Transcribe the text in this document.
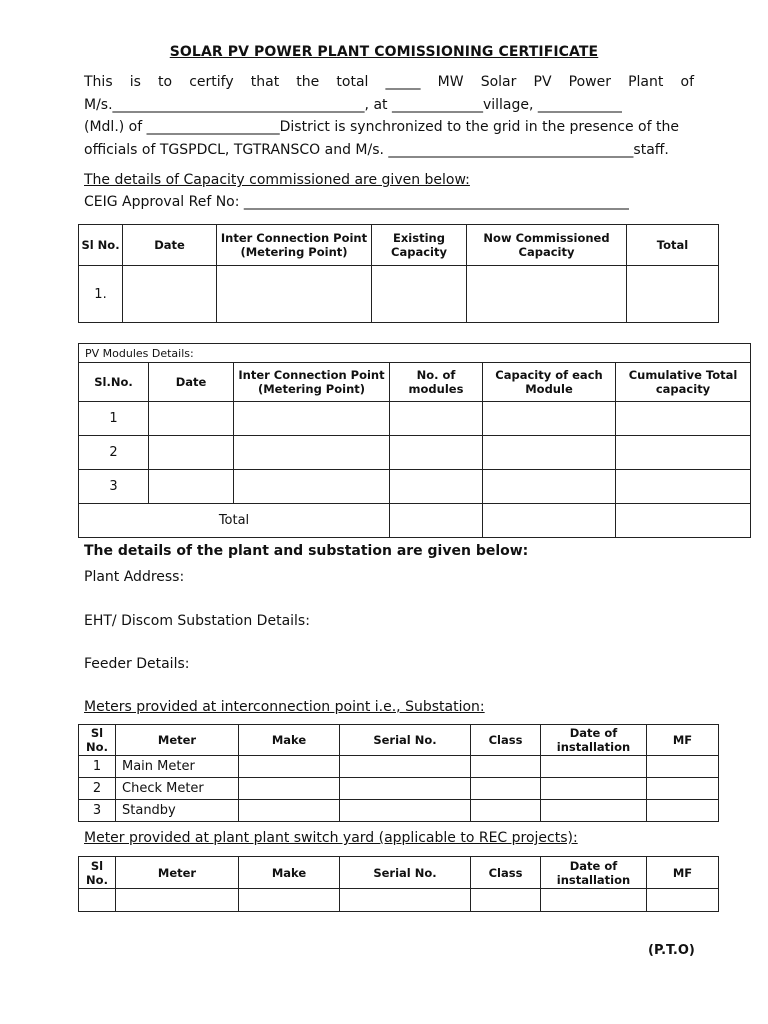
SOLAR PV POWER PLANT COMISSIONING CERTIFICATE
This is to certify that the total _____ MW Solar PV Power Plant of
M/s.____________________________________, at _____________village, ____________
(Mdl.) of ___________________District is synchronized to the grid in the presence of the
officials of TGSPDCL, TGTRANSCO and M/s. ___________________________________staff.
The details of Capacity commissioned are given below:
CEIG Approval Ref No: _______________________________________________________
Sl No.	Date	Inter Connection Point (Metering Point)	Existing Capacity	Now Commissioned Capacity	Total
1.					
PV Modules Details:					
Sl.No.	Date	Inter Connection Point (Metering Point)	No. of modules	Capacity of each Module	Cumulative Total capacity
1					
2					
3					
Total					
The details of the plant and substation are given below:
Plant Address:
EHT/ Discom Substation Details:
Feeder Details:
Meters provided at interconnection point i.e., Substation:
Sl No.	Meter	Make	Serial No.	Class	Date of installation	MF
1	Main Meter					
2	Check Meter					
3	Standby					
Meter provided at plant plant switch yard (applicable to REC projects):
Sl No.	Meter	Make	Serial No.	Class	Date of installation	MF

(P.T.O)
